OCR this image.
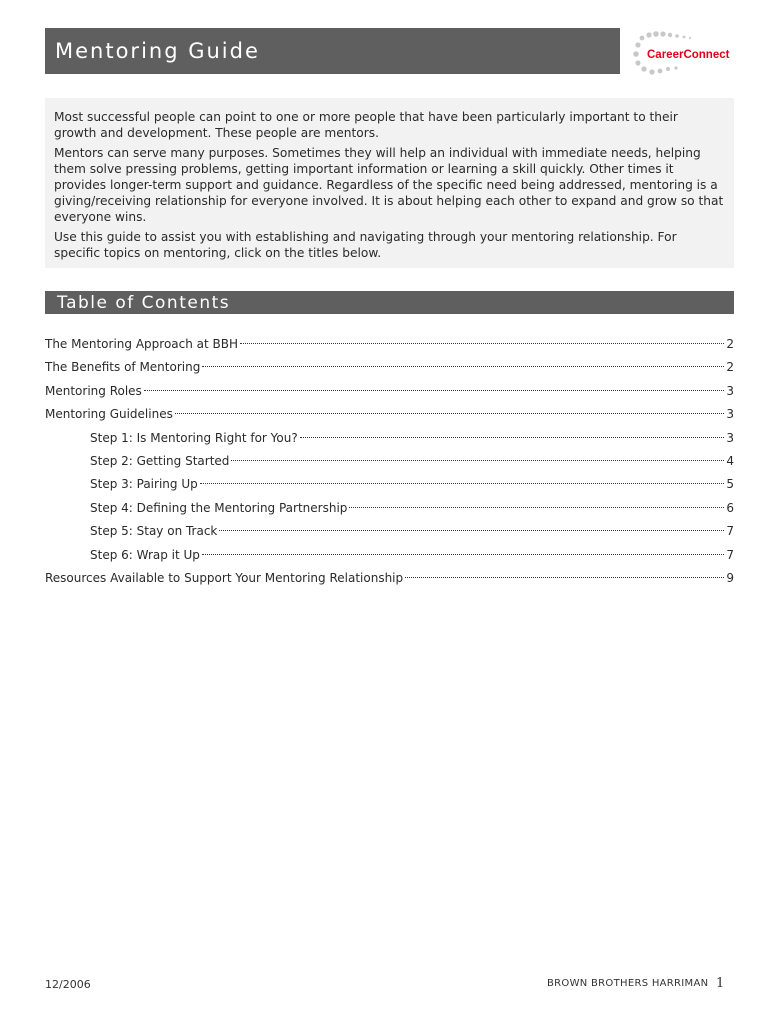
Mentoring Guide	CareerConnect

Most successful people can point to one or more people that have been particularly important to their growth and development. These people are mentors.

Mentors can serve many purposes. Sometimes they will help an individual with immediate needs, helping them solve pressing problems, getting important information or learning a skill quickly. Other times it provides longer-term support and guidance. Regardless of the specific need being addressed, mentoring is a giving/receiving relationship for everyone involved. It is about helping each other to expand and grow so that everyone wins.

Use this guide to assist you with establishing and navigating through your mentoring relationship. For specific topics on mentoring, click on the titles below.

Table of Contents
The Mentoring Approach at BBH	2
The Benefits of Mentoring	2
Mentoring Roles	3
Mentoring Guidelines	3
Step 1: Is Mentoring Right for You?	3
Step 2: Getting Started	4
Step 3: Pairing Up	5
Step 4: Defining the Mentoring Partnership	6
Step 5: Stay on Track	7
Step 6: Wrap it Up	7
Resources Available to Support Your Mentoring Relationship	9
12/2006	BROWN BROTHERS HARRIMAN 1
